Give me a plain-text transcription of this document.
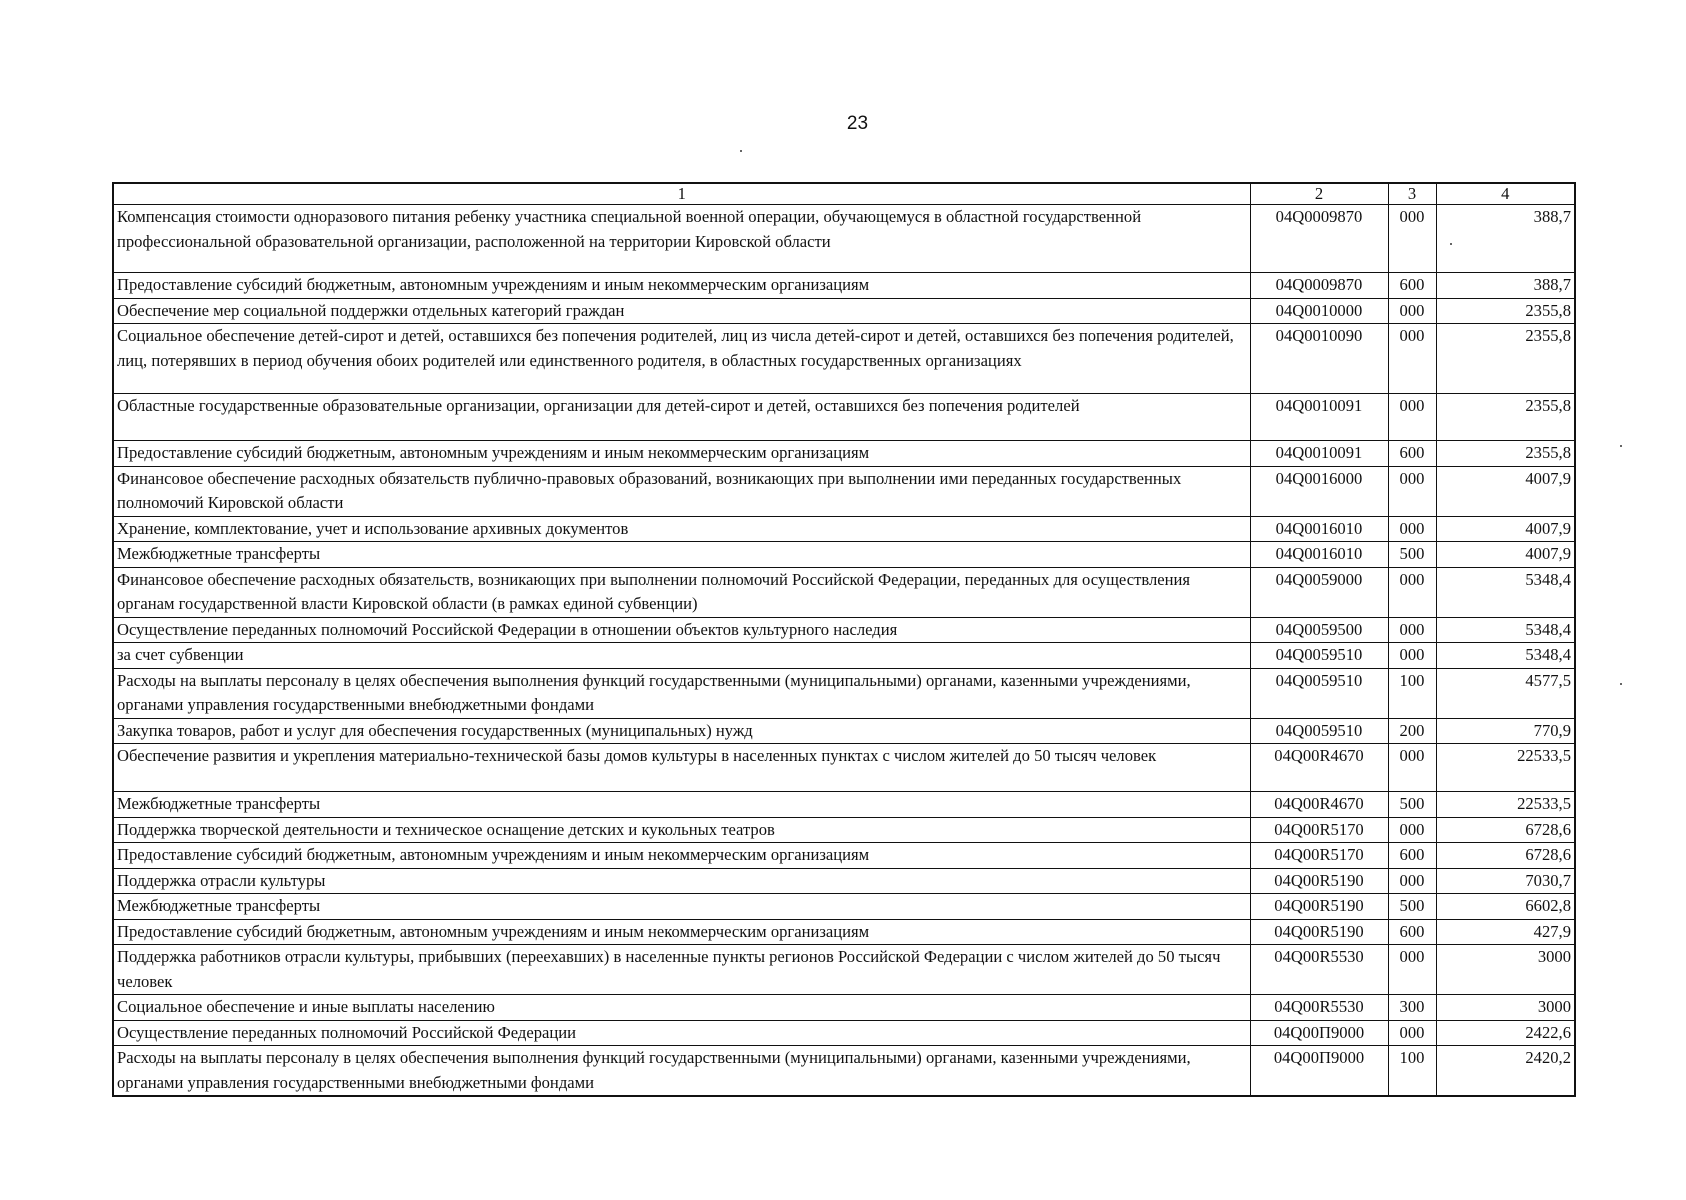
23
1	2	3	4
Компенсация стоимости одноразового питания ребенку участника специальной военной операции, обучающемуся в областной государственной профессиональной образовательной организации, расположенной на территории Кировской области	04Q0009870	000	388,7
Предоставление субсидий бюджетным, автономным учреждениям и иным некоммерческим организациям	04Q0009870	600	388,7
Обеспечение мер социальной поддержки отдельных категорий граждан	04Q0010000	000	2355,8
Социальное обеспечение детей-сирот и детей, оставшихся без попечения родителей, лиц из числа детей-сирот и детей, оставшихся без попечения родителей, лиц, потерявших в период обучения обоих родителей или единственного родителя, в областных государственных организациях	04Q0010090	000	2355,8
Областные государственные образовательные организации, организации для детей-сирот и детей, оставшихся без попечения родителей	04Q0010091	000	2355,8
Предоставление субсидий бюджетным, автономным учреждениям и иным некоммерческим организациям	04Q0010091	600	2355,8
Финансовое обеспечение расходных обязательств публично-правовых образований, возникающих при выполнении ими переданных государственных полномочий Кировской области	04Q0016000	000	4007,9
Хранение, комплектование, учет и использование архивных документов	04Q0016010	000	4007,9
Межбюджетные трансферты	04Q0016010	500	4007,9
Финансовое обеспечение расходных обязательств, возникающих при выполнении полномочий Российской Федерации, переданных для осуществления органам государственной власти Кировской области (в рамках единой субвенции)	04Q0059000	000	5348,4
Осуществление переданных полномочий Российской Федерации в отношении объектов культурного наследия	04Q0059500	000	5348,4
за счет субвенции	04Q0059510	000	5348,4
Расходы на выплаты персоналу в целях обеспечения выполнения функций государственными (муниципальными) органами, казенными учреждениями, органами управления государственными внебюджетными фондами	04Q0059510	100	4577,5
Закупка товаров, работ и услуг для обеспечения государственных (муниципальных) нужд	04Q0059510	200	770,9
Обеспечение развития и укрепления материально-технической базы домов культуры в населенных пунктах с числом жителей до 50 тысяч человек	04Q00R4670	000	22533,5
Межбюджетные трансферты	04Q00R4670	500	22533,5
Поддержка творческой деятельности и техническое оснащение детских и кукольных театров	04Q00R5170	000	6728,6
Предоставление субсидий бюджетным, автономным учреждениям и иным некоммерческим организациям	04Q00R5170	600	6728,6
Поддержка отрасли культуры	04Q00R5190	000	7030,7
Межбюджетные трансферты	04Q00R5190	500	6602,8
Предоставление субсидий бюджетным, автономным учреждениям и иным некоммерческим организациям	04Q00R5190	600	427,9
Поддержка работников отрасли культуры, прибывших (переехавших) в населенные пункты регионов Российской Федерации с числом жителей до 50 тысяч человек	04Q00R5530	000	3000
Социальное обеспечение и иные выплаты населению	04Q00R5530	300	3000
Осуществление переданных полномочий Российской Федерации	04Q00П9000	000	2422,6
Расходы на выплаты персоналу в целях обеспечения выполнения функций государственными (муниципальными) органами, казенными учреждениями, органами управления государственными внебюджетными фондами	04Q00П9000	100	2420,2
